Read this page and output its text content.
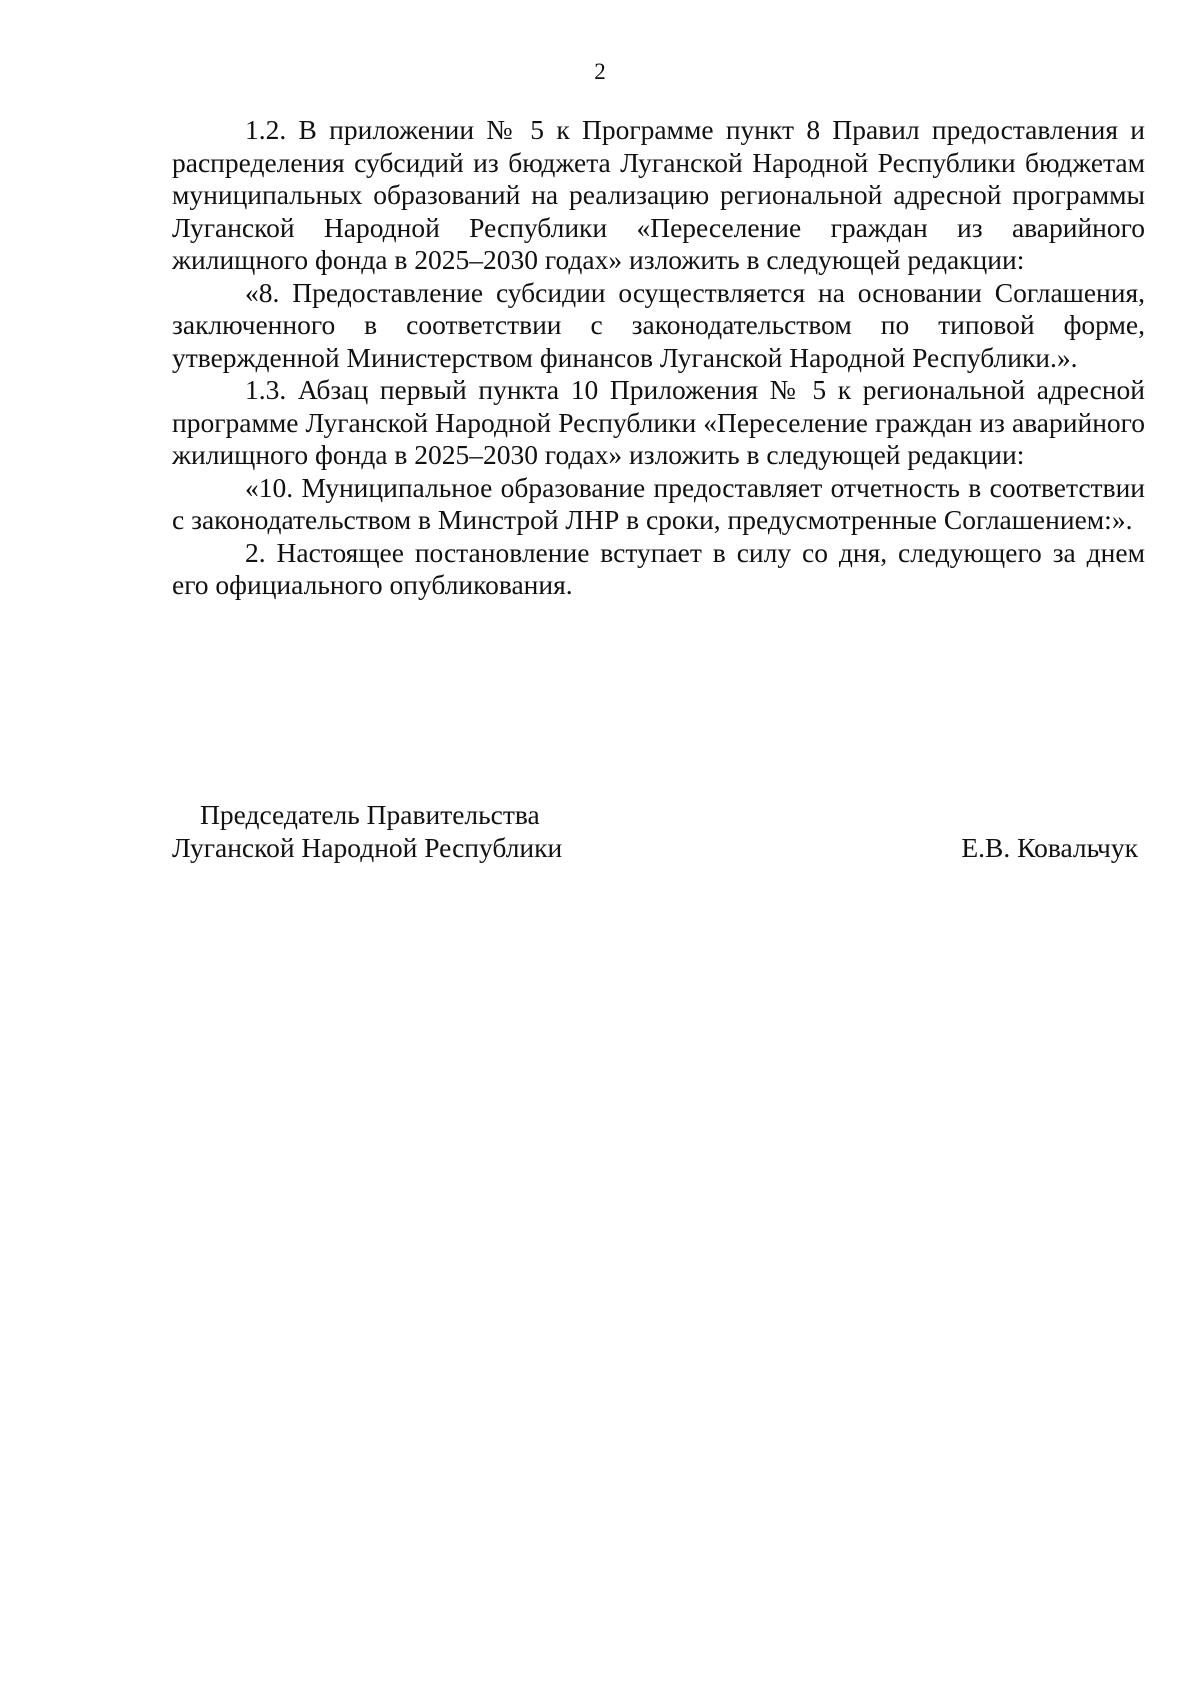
2

1.2. В приложении № 5 к Программе пункт 8 Правил предоставления и распределения субсидий из бюджета Луганской Народной Республики бюджетам муниципальных образований на реализацию региональной адресной программы Луганской Народной Республики «Переселение граждан из аварийного жилищного фонда в 2025–2030 годах» изложить в следующей редакции:

«8. Предоставление субсидии осуществляется на основании Соглашения, заключенного в соответствии с законодательством по типовой форме, утвержденной Министерством финансов Луганской Народной Республики.».

1.3. Абзац первый пункта 10 Приложения № 5 к региональной адресной программе Луганской Народной Республики «Переселение граждан из аварийного жилищного фонда в 2025–2030 годах» изложить в следующей редакции:

«10. Муниципальное образование предоставляет отчетность в соответствии с законодательством в Минстрой ЛНР в сроки, предусмотренные Соглашением:».

2. Настоящее постановление вступает в силу со дня, следующего за днем его официального опубликования.

Председатель Правительства
Луганской Народной Республики	Е.В. Ковальчук
